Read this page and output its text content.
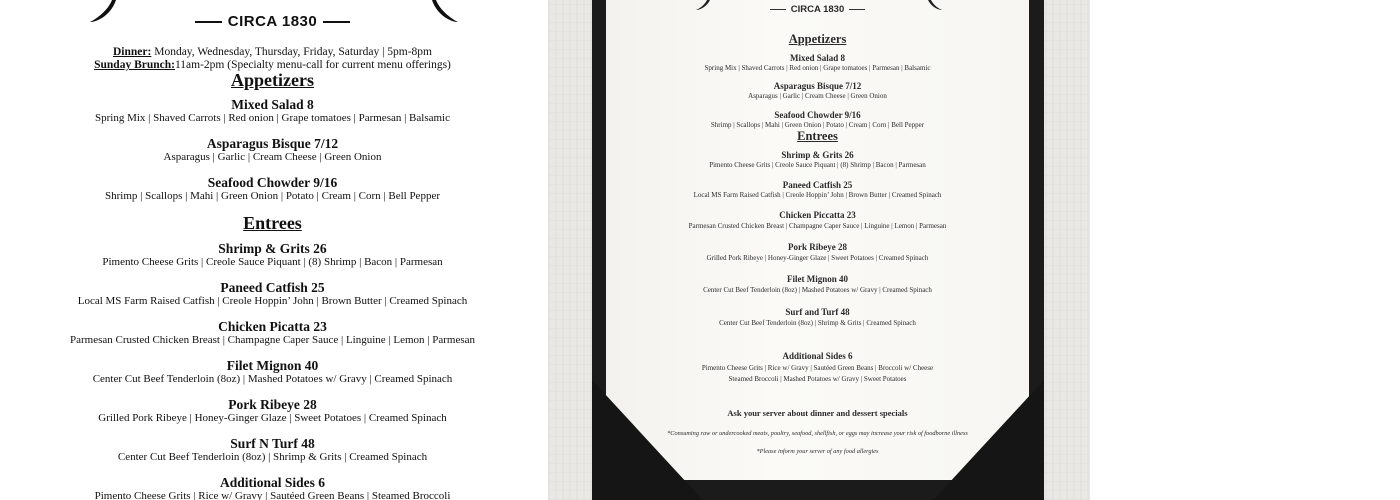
CIRCA 1830
Dinner: Monday, Wednesday, Thursday, Friday, Saturday | 5pm-8pm
Sunday Brunch:11am-2pm (Specialty menu-call for current menu offerings)
Appetizers
Mixed Salad 8
Spring Mix | Shaved Carrots | Red onion | Grape tomatoes | Parmesan | Balsamic
Asparagus Bisque 7/12
Asparagus | Garlic | Cream Cheese | Green Onion
Seafood Chowder 9/16
Shrimp | Scallops | Mahi | Green Onion | Potato | Cream | Corn | Bell Pepper
Entrees
Shrimp & Grits 26
Pimento Cheese Grits | Creole Sauce Piquant | (8) Shrimp | Bacon | Parmesan
Paneed Catfish 25
Local MS Farm Raised Catfish | Creole Hoppin’ John | Brown Butter | Creamed Spinach
Chicken Picatta 23
Parmesan Crusted Chicken Breast | Champagne Caper Sauce | Linguine | Lemon | Parmesan
Filet Mignon 40
Center Cut Beef Tenderloin (8oz) | Mashed Potatoes w/ Gravy | Creamed Spinach
Pork Ribeye 28
Grilled Pork Ribeye | Honey-Ginger Glaze | Sweet Potatoes | Creamed Spinach
Surf N Turf 48
Center Cut Beef Tenderloin (8oz) | Shrimp & Grits | Creamed Spinach
Additional Sides 6
Pimento Cheese Grits | Rice w/ Gravy | Sautéed Green Beans | Steamed Broccoli
CIRCA 1830
Appetizers
Mixed Salad 8
Spring Mix | Shaved Carrots | Red onion | Grape tomatoes | Parmesan | Balsamic
Asparagus Bisque 7/12
Asparagus | Garlic | Cream Cheese | Green Onion
Seafood Chowder 9/16
Shrimp | Scallops | Mahi | Green Onion | Potato | Cream | Corn | Bell Pepper
Entrees
Shrimp & Grits 26
Pimento Cheese Grits | Creole Sauce Piquant | (8) Shrimp | Bacon | Parmesan
Paneed Catfish 25
Local MS Farm Raised Catfish | Creole Hoppin’ John | Brown Butter | Creamed Spinach
Chicken Piccatta 23
Parmesan Crusted Chicken Breast | Champagne Caper Sauce | Linguine | Lemon | Parmesan
Pork Ribeye 28
Grilled Pork Ribeye | Honey-Ginger Glaze | Sweet Potatoes | Creamed Spinach
Filet Mignon 40
Center Cut Beef Tenderloin (8oz) | Mashed Potatoes w/ Gravy | Creamed Spinach
Surf and Turf 48
Center Cut Beef Tenderloin (8oz) | Shrimp & Grits | Creamed Spinach
Additional Sides 6
Pimento Cheese Grits | Rice w/ Gravy | Sautéed Green Beans | Broccoli w/ Cheese
Steamed Broccoli | Mashed Potatoes w/ Gravy | Sweet Potatoes
Ask your server about dinner and dessert specials
*Consuming raw or undercooked meats, poultry, seafood, shellfish, or eggs may increase your risk of foodborne illness
*Please inform your server of any food allergies
